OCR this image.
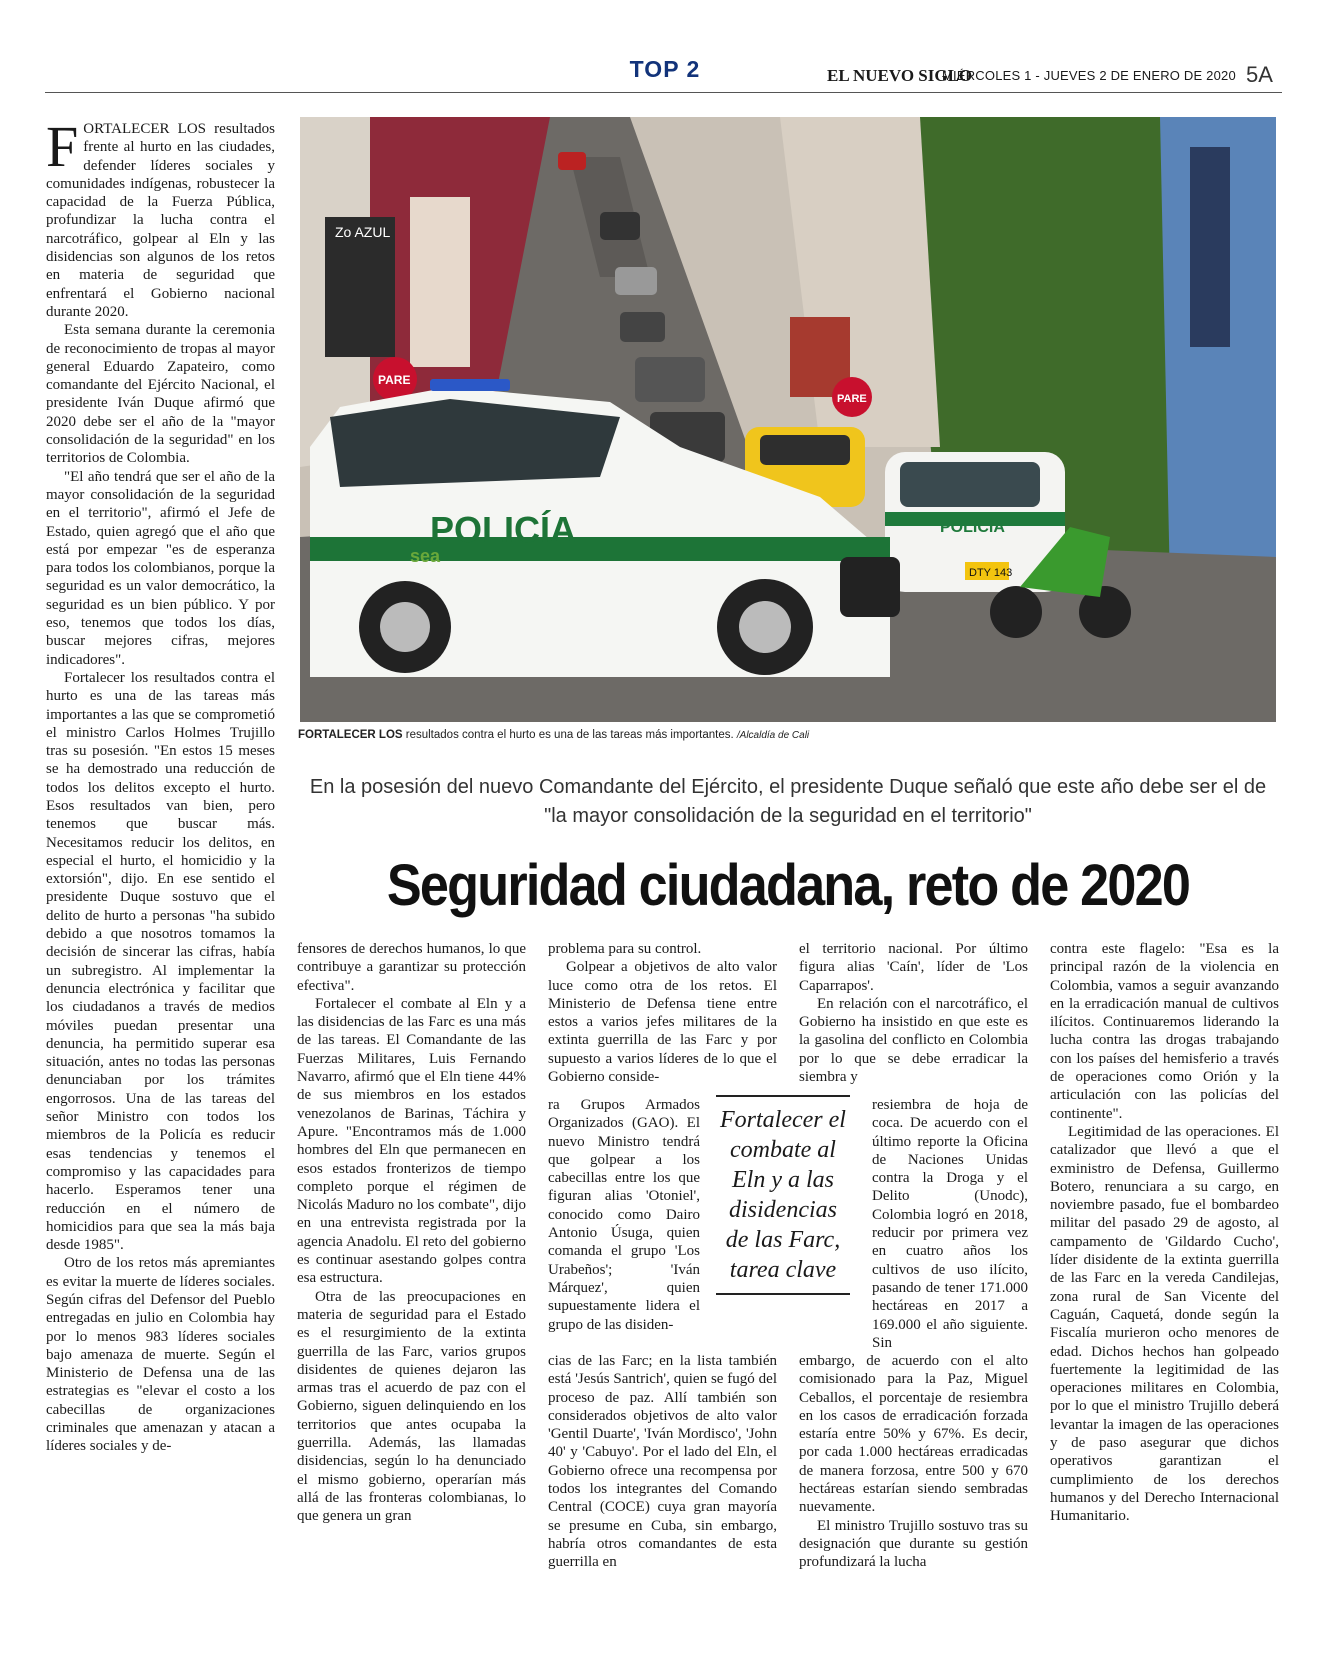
TOP 2	EL NUEVO SIGLO
MIÉRCOLES 1 - JUEVES 2 DE ENERO DE 2020 5A

FORTALECER LOS resultados frente al hurto en las ciudades, defender líderes sociales y comunidades indígenas, robustecer la capacidad de la Fuerza Pública, profundizar la lucha contra el narcotráfico, golpear al Eln y las disidencias son algunos de los retos en materia de seguridad que enfrentará el Gobierno nacional durante 2020.

Esta semana durante la ceremonia de reconocimiento de tropas al mayor general Eduardo Zapateiro, como comandante del Ejército Nacional, el presidente Iván Duque afirmó que 2020 debe ser el año de la "mayor consolidación de la seguridad" en los territorios de Colombia.

"El año tendrá que ser el año de la mayor consolidación de la seguridad en el territorio", afirmó el Jefe de Estado, quien agregó que el año que está por empezar "es de esperanza para todos los colombianos, porque la seguridad es un valor democrático, la seguridad es un bien público. Y por eso, tenemos que todos los días, buscar mejores cifras, mejores indicadores".

Fortalecer los resultados contra el hurto es una de las tareas más importantes a las que se comprometió el ministro Carlos Holmes Trujillo tras su posesión. "En estos 15 meses se ha demostrado una reducción de todos los delitos excepto el hurto. Esos resultados van bien, pero tenemos que buscar más. Necesitamos reducir los delitos, en especial el hurto, el homicidio y la extorsión", dijo. En ese sentido el presidente Duque sostuvo que el delito de hurto a personas "ha subido debido a que nosotros tomamos la decisión de sincerar las cifras, había un subregistro. Al implementar la denuncia electrónica y facilitar que los ciudadanos a través de medios móviles puedan presentar una denuncia, ha permitido superar esa situación, antes no todas las personas denunciaban por los trámites engorrosos. Una de las tareas del señor Ministro con todos los miembros de la Policía es reducir esas tendencias y tenemos el compromiso y las capacidades para hacerlo. Esperamos tener una reducción en el número de homicidios para que sea la más baja desde 1985".

Otro de los retos más apremiantes es evitar la muerte de líderes sociales. Según cifras del Defensor del Pueblo entregadas en julio en Colombia hay por lo menos 983 líderes sociales bajo amenaza de muerte. Según el Ministerio de Defensa una de las estrategias es "elevar el costo a los cabecillas de organizaciones criminales que amenazan y atacan a líderes sociales y de-

Zo AZUL
PARE
PARE
POLICÍA
DTY 143
POLICÍA
sea
FORTALECER LOS resultados contra el hurto es una de las tareas más importantes. /Alcaldía de Cali
En la posesión del nuevo Comandante del Ejército, el presidente Duque señaló que este año debe ser el de "la mayor consolidación de la seguridad en el territorio"
Seguridad ciudadana, reto de 2020

fensores de derechos humanos, lo que contribuye a garantizar su protección efectiva".

Fortalecer el combate al Eln y a las disidencias de las Farc es una más de las tareas. El Comandante de las Fuerzas Militares, Luis Fernando Navarro, afirmó que el Eln tiene 44% de sus miembros en los estados venezolanos de Barinas, Táchira y Apure. "Encontramos más de 1.000 hombres del Eln que permanecen en esos estados fronterizos de tiempo completo porque el régimen de Nicolás Maduro no los combate", dijo en una entrevista registrada por la agencia Anadolu. El reto del gobierno es continuar asestando golpes contra esa estructura.

Otra de las preocupaciones en materia de seguridad para el Estado es el resurgimiento de la extinta guerrilla de las Farc, varios grupos disidentes de quienes dejaron las armas tras el acuerdo de paz con el Gobierno, siguen delinquiendo en los territorios que antes ocupaba la guerrilla. Además, las llamadas disidencias, según lo ha denunciado el mismo gobierno, operarían más allá de las fronteras colombianas, lo que genera un gran

problema para su control.

Golpear a objetivos de alto valor luce como otra de los retos. El Ministerio de Defensa tiene entre estos a varios jefes militares de la extinta guerrilla de las Farc y por supuesto a varios líderes de lo que el Gobierno conside-

ra Grupos Armados Organizados (GAO). El nuevo Ministro tendrá que golpear a los cabecillas entre los que figuran alias 'Otoniel', conocido como Dairo Antonio Úsuga, quien comanda el grupo 'Los Urabeños'; 'Iván Márquez', quien supuestamente lidera el grupo de las disiden-

cias de las Farc; en la lista también está 'Jesús Santrich', quien se fugó del proceso de paz. Allí también son considerados objetivos de alto valor 'Gentil Duarte', 'Iván Mordisco', 'John 40' y 'Cabuyo'. Por el lado del Eln, el Gobierno ofrece una recompensa por todos los integrantes del Comando Central (COCE) cuya gran mayoría se presume en Cuba, sin embargo, habría otros comandantes de esta guerrilla en

Fortalecer el combate al Eln y a las disidencias de las Farc, tarea clave

el territorio nacional. Por último figura alias 'Caín', líder de 'Los Caparrapos'.

En relación con el narcotráfico, el Gobierno ha insistido en que este es la gasolina del conflicto en Colombia por lo que se debe erradicar la siembra y

resiembra de hoja de coca. De acuerdo con el último reporte la Oficina de Naciones Unidas contra la Droga y el Delito (Unodc), Colombia logró en 2018, reducir por primera vez en cuatro años los cultivos de uso ilícito, pasando de tener 171.000 hectáreas en 2017 a 169.000 el año siguiente. Sin

embargo, de acuerdo con el alto comisionado para la Paz, Miguel Ceballos, el porcentaje de resiembra en los casos de erradicación forzada estaría entre 50% y 67%. Es decir, por cada 1.000 hectáreas erradicadas de manera forzosa, entre 500 y 670 hectáreas estarían siendo sembradas nuevamente.

El ministro Trujillo sostuvo tras su designación que durante su gestión profundizará la lucha

contra este flagelo: "Esa es la principal razón de la violencia en Colombia, vamos a seguir avanzando en la erradicación manual de cultivos ilícitos. Continuaremos liderando la lucha contra las drogas trabajando con los países del hemisferio a través de operaciones como Orión y la articulación con las policías del continente".

Legitimidad de las operaciones. El catalizador que llevó a que el exministro de Defensa, Guillermo Botero, renunciara a su cargo, en noviembre pasado, fue el bombardeo militar del pasado 29 de agosto, al campamento de 'Gildardo Cucho', líder disidente de la extinta guerrilla de las Farc en la vereda Candilejas, zona rural de San Vicente del Caguán, Caquetá, donde según la Fiscalía murieron ocho menores de edad. Dichos hechos han golpeado fuertemente la legitimidad de las operaciones militares en Colombia, por lo que el ministro Trujillo deberá levantar la imagen de las operaciones y de paso asegurar que dichos operativos garantizan el cumplimiento de los derechos humanos y del Derecho Internacional Humanitario.
